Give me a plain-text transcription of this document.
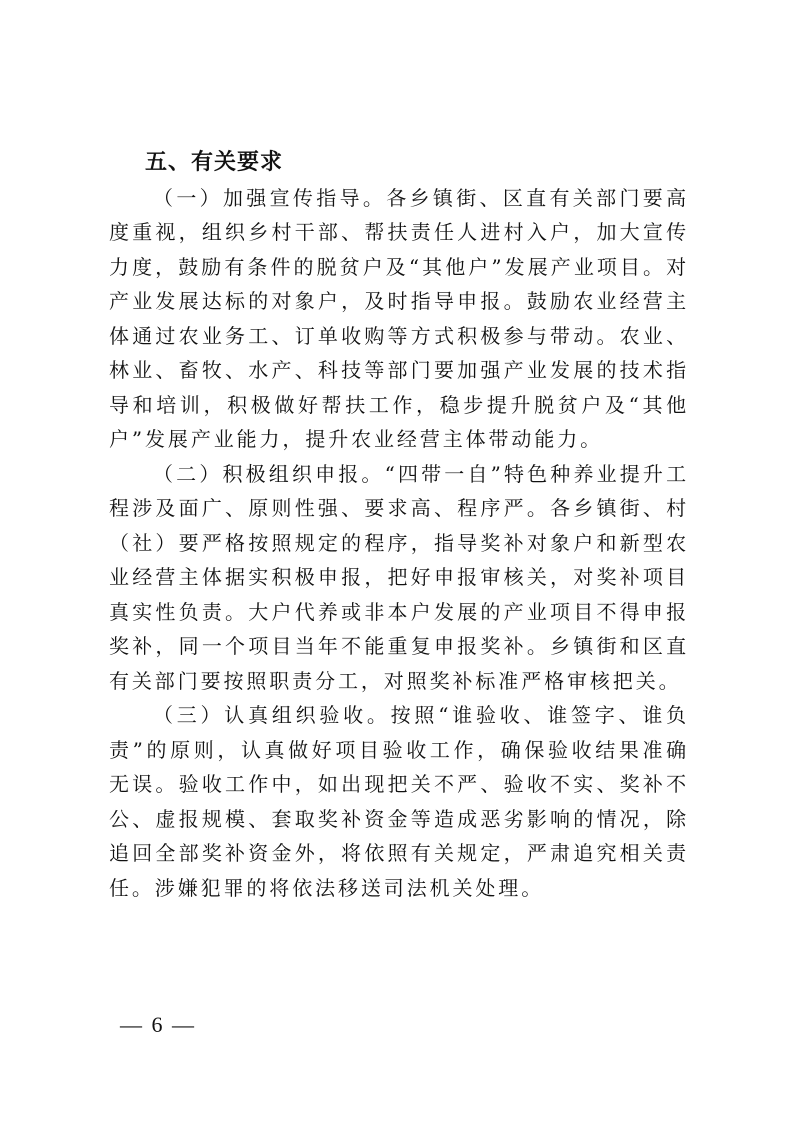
五、有关要求

（一）加强宣传指导。各乡镇街、区直有关部门要高度重视，组织乡村干部、帮扶责任人进村入户，加大宣传力度，鼓励有条件的脱贫户及“其他户”发展产业项目。对产业发展达标的对象户，及时指导申报。鼓励农业经营主体通过农业务工、订单收购等方式积极参与带动。农业、林业、畜牧、水产、科技等部门要加强产业发展的技术指导和培训，积极做好帮扶工作，稳步提升脱贫户及“其他户”发展产业能力，提升农业经营主体带动能力。

（二）积极组织申报。“四带一自”特色种养业提升工程涉及面广、原则性强、要求高、程序严。各乡镇街、村（社）要严格按照规定的程序，指导奖补对象户和新型农业经营主体据实积极申报，把好申报审核关，对奖补项目真实性负责。大户代养或非本户发展的产业项目不得申报奖补，同一个项目当年不能重复申报奖补。乡镇街和区直有关部门要按照职责分工，对照奖补标准严格审核把关。

（三）认真组织验收。按照“谁验收、谁签字、谁负责”的原则，认真做好项目验收工作，确保验收结果准确无误。验收工作中，如出现把关不严、验收不实、奖补不公、虚报规模、套取奖补资金等造成恶劣影响的情况，除追回全部奖补资金外，将依照有关规定，严肃追究相关责任。涉嫌犯罪的将依法移送司法机关处理。

— 6 —
